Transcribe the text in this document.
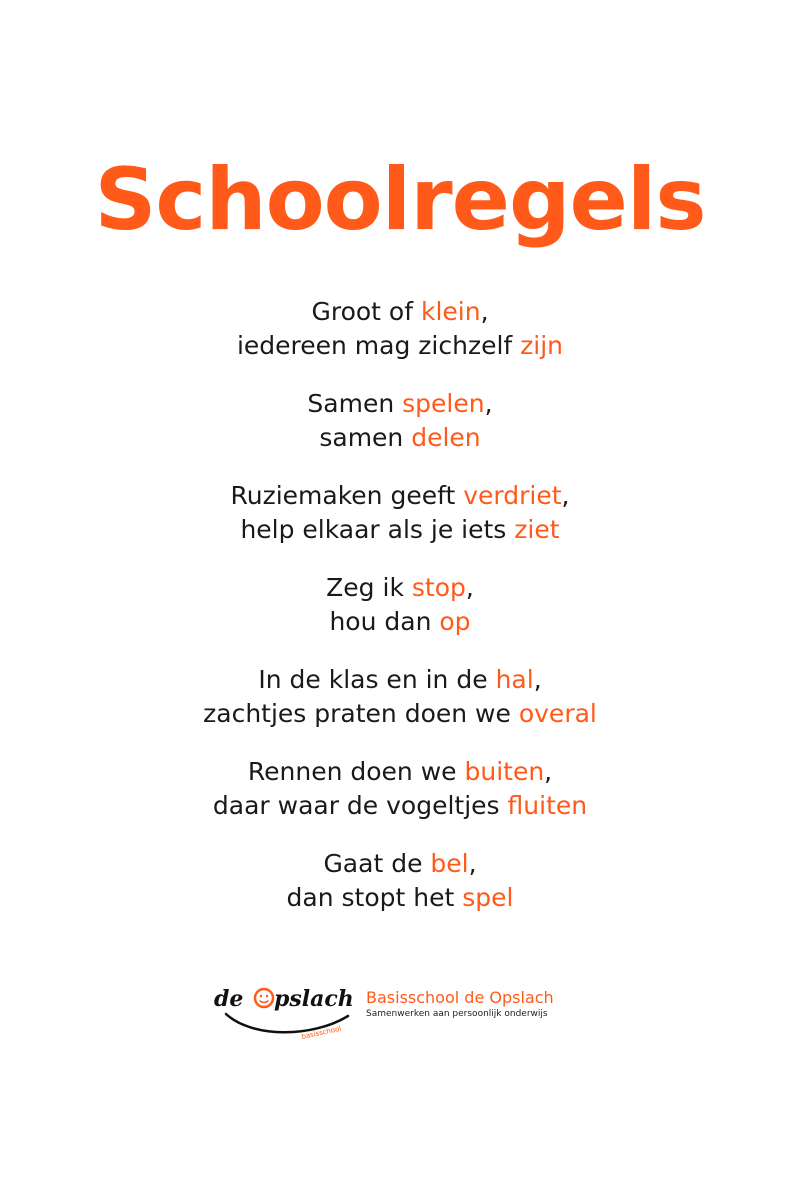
Schoolregels
Groot of klein,
iedereen mag zichzelf zijn
Samen spelen,
samen delen
Ruziemaken geeft verdriet,
help elkaar als je iets ziet
Zeg ik stop,
hou dan op
In de klas en in de hal,
zachtjes praten doen we overal
Rennen doen we buiten,
daar waar de vogeltjes fluiten
Gaat de bel,
dan stopt het spel
de pslach
basisschool
Basisschool de Opslach
Samenwerken aan persoonlijk onderwijs
